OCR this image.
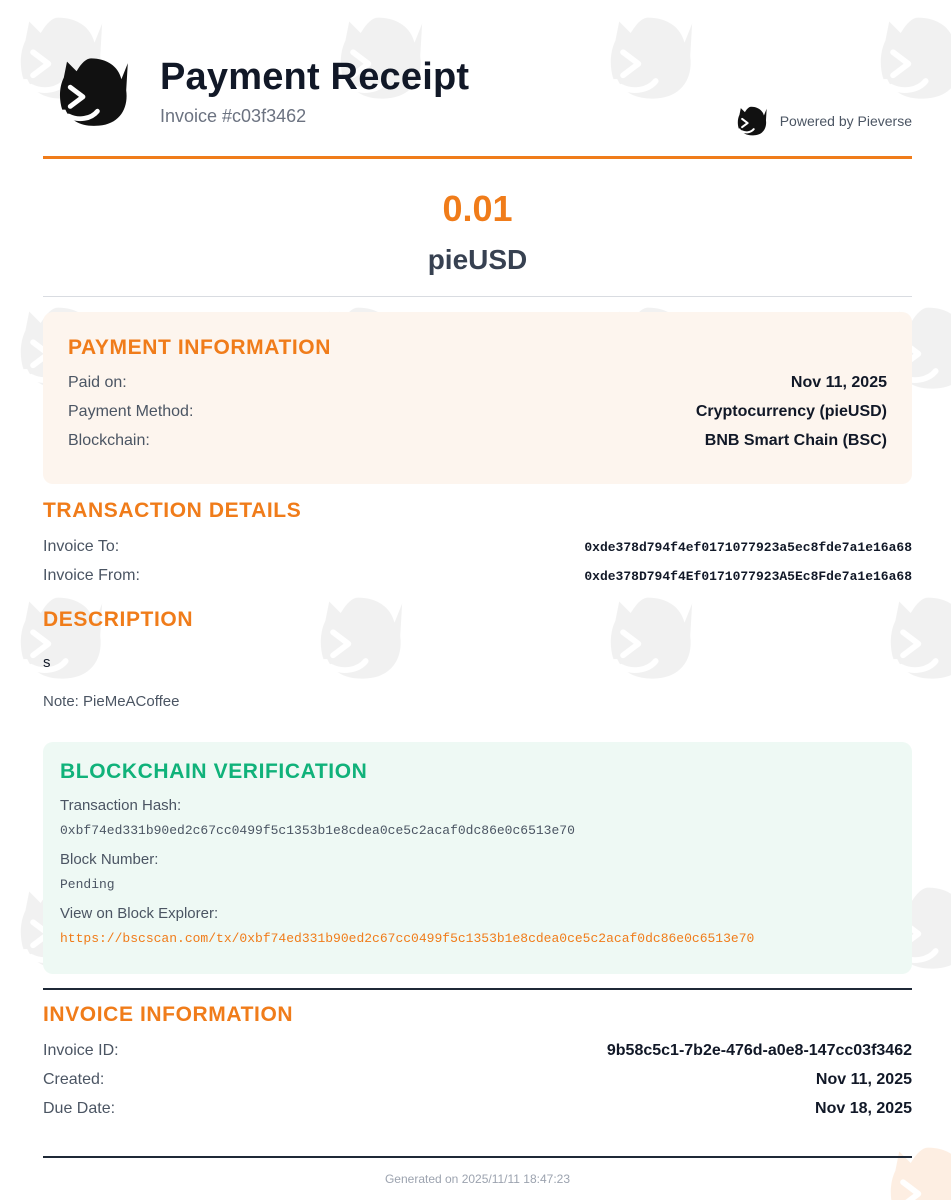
Payment Receipt
Invoice #c03f3462	Powered by Pieverse
0.01
pieUSD
PAYMENT INFORMATION
Paid on:	Nov 11, 2025
Payment Method:	Cryptocurrency (pieUSD)
Blockchain:	BNB Smart Chain (BSC)
TRANSACTION DETAILS
Invoice To:	0xde378d794f4ef0171077923a5ec8fde7a1e16a68
Invoice From:	0xde378D794f4Ef0171077923A5Ec8Fde7a1e16a68
DESCRIPTION
s
Note: PieMeACoffee
BLOCKCHAIN VERIFICATION
Transaction Hash:
0xbf74ed331b90ed2c67cc0499f5c1353b1e8cdea0ce5c2acaf0dc86e0c6513e70
Block Number:
Pending
View on Block Explorer:
https://bscscan.com/tx/0xbf74ed331b90ed2c67cc0499f5c1353b1e8cdea0ce5c2acaf0dc86e0c6513e70
INVOICE INFORMATION
Invoice ID:	9b58c5c1-7b2e-476d-a0e8-147cc03f3462
Created:	Nov 11, 2025
Due Date:	Nov 18, 2025
Generated on 2025/11/11 18:47:23
